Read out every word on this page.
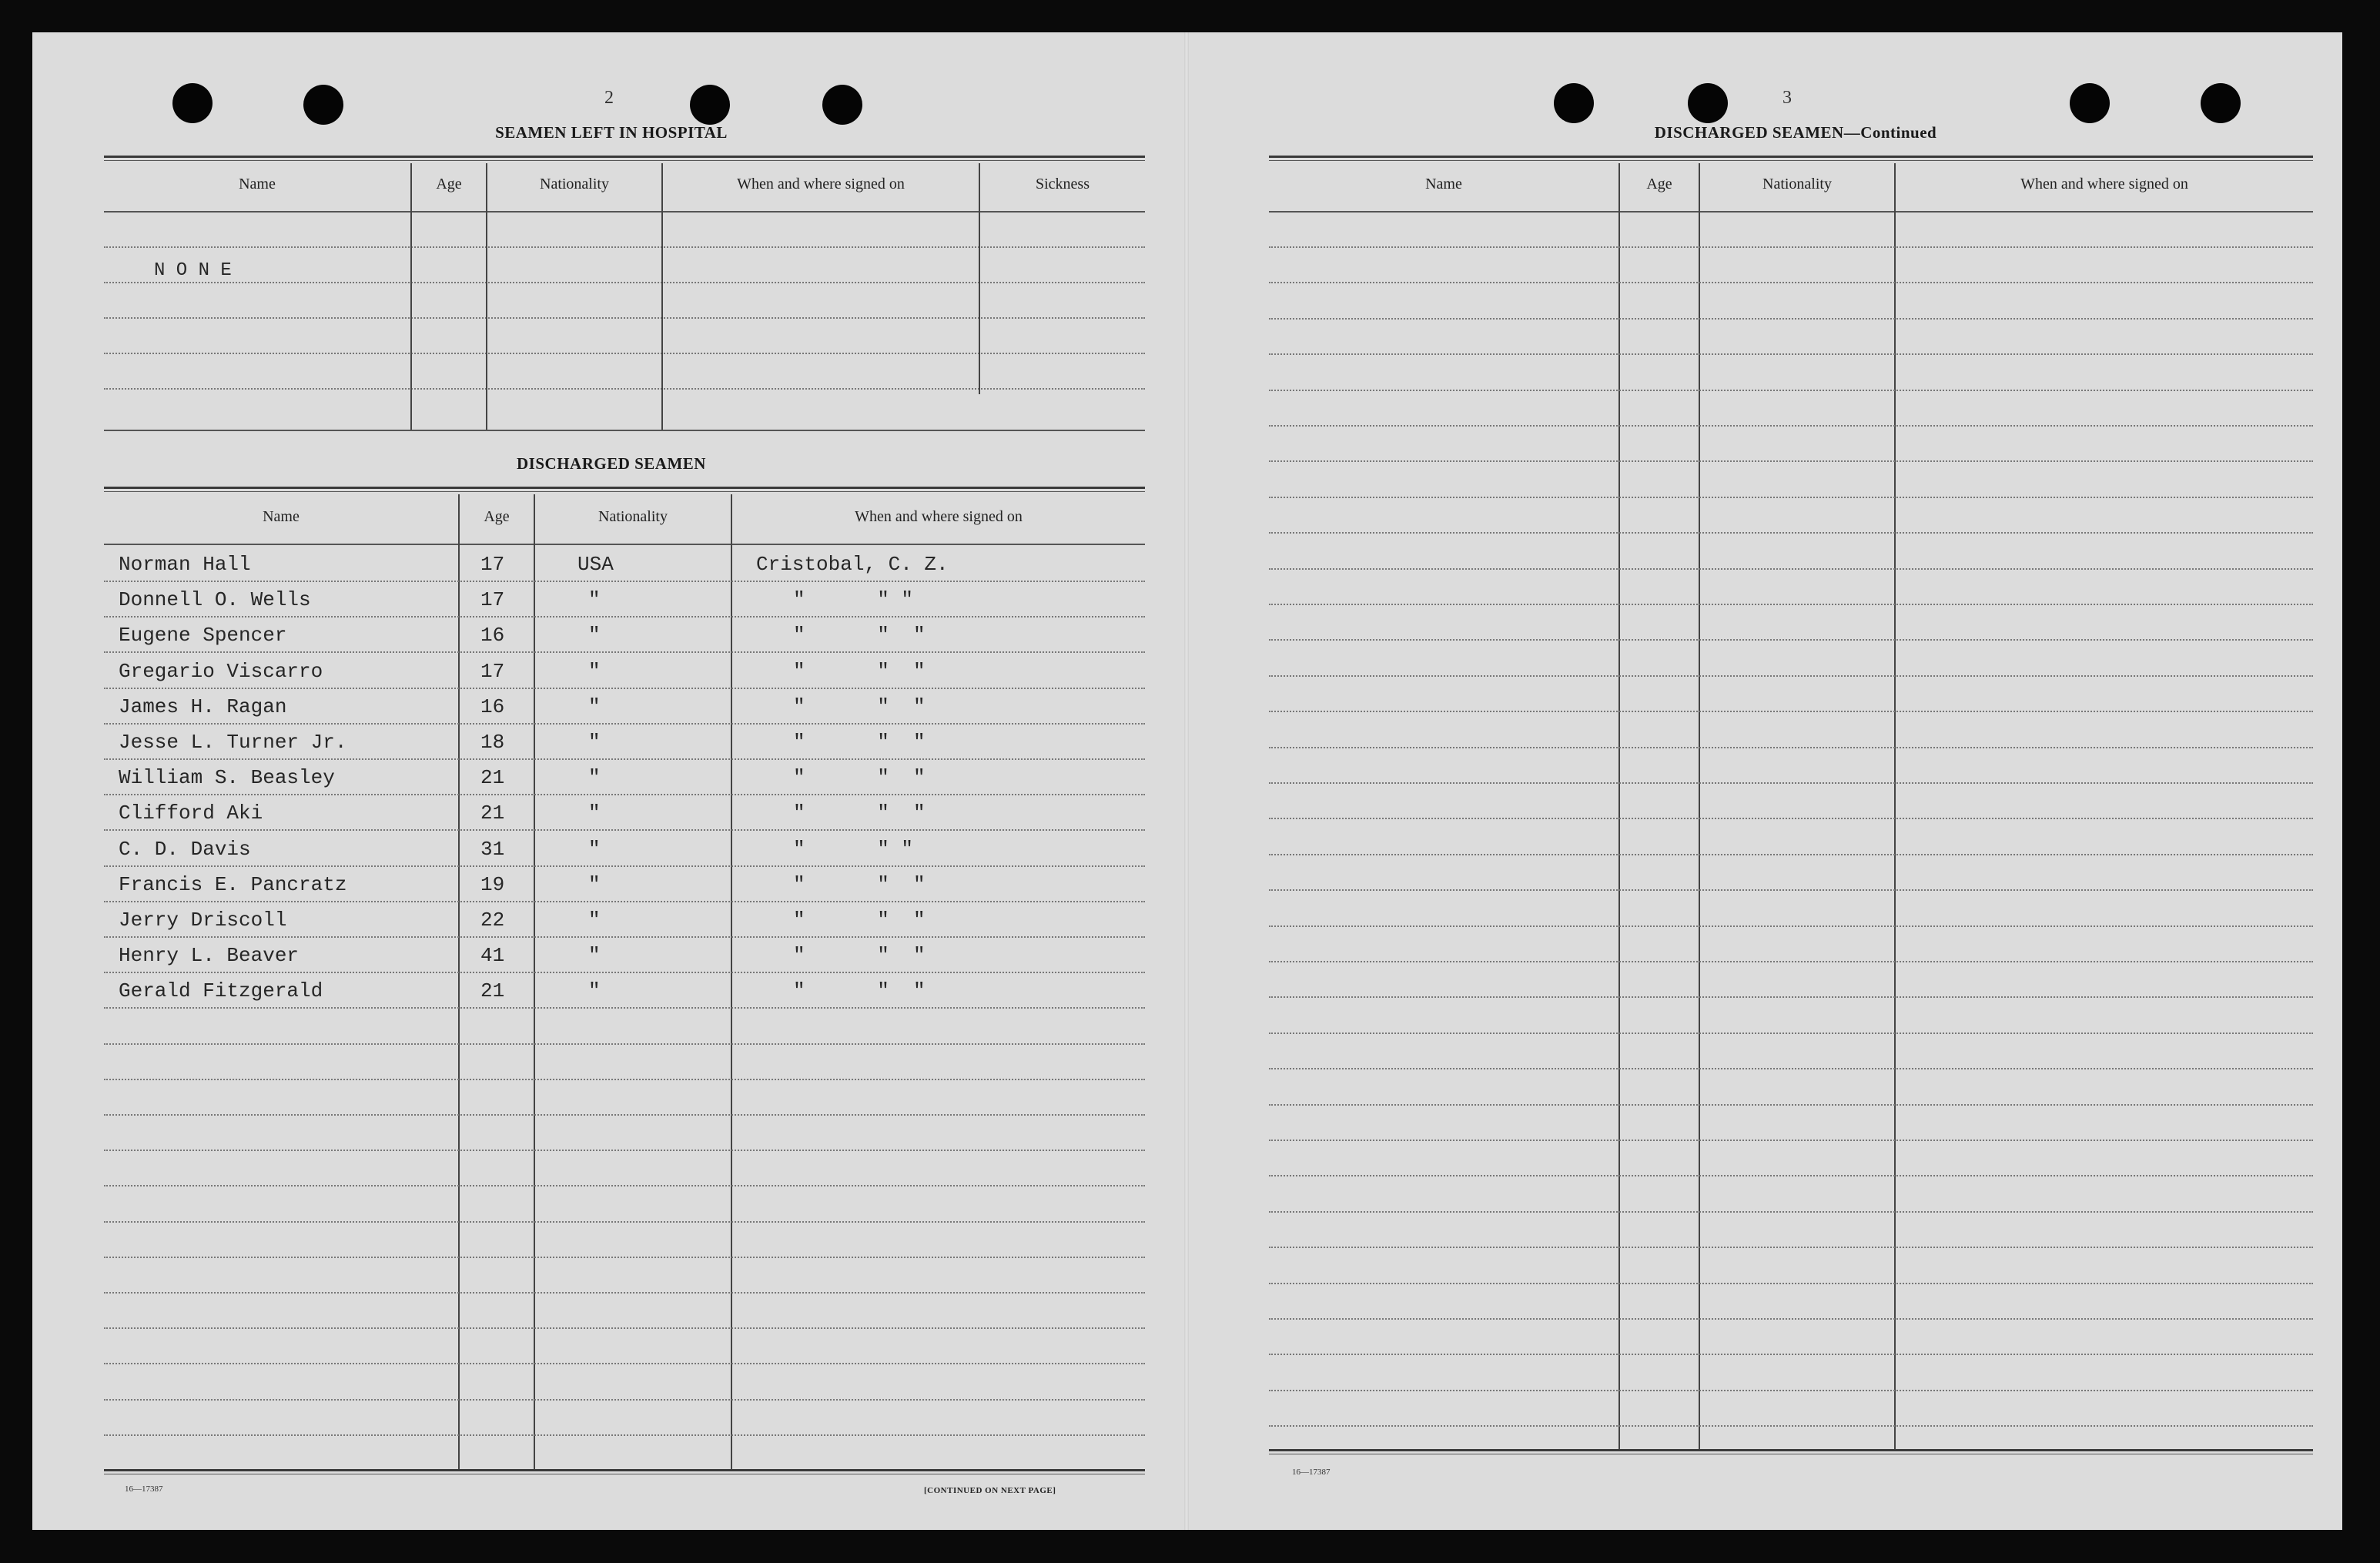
2
SEAMEN LEFT IN HOSPITAL
Name	Age	Nationality	When and where signed on	Sickness
N O N E
DISCHARGED SEAMEN
Name	Age	Nationality	When and where signed on
Norman Hall	17	USA	Cristobal, C. Z.
Donnell O. Wells	17	"	"      " "
Eugene Spencer	16	"	"      "  "
Gregario Viscarro	17	"	"      "  "
James H. Ragan	16	"	"      "  "
Jesse L. Turner Jr.	18	"	"      "  "
William S. Beasley	21	"	"      "  "
Clifford Aki	21	"	"      "  "
C. D. Davis	31	"	"      " "
Francis E. Pancratz	19	"	"      "  "
Jerry Driscoll	22	"	"      "  "
Henry L. Beaver	41	"	"      "  "
Gerald Fitzgerald	21	"	"      "  "
16—17387	[CONTINUED ON NEXT PAGE]
3
DISCHARGED SEAMEN—Continued
Name	Age	Nationality	When and where signed on
16—17387
